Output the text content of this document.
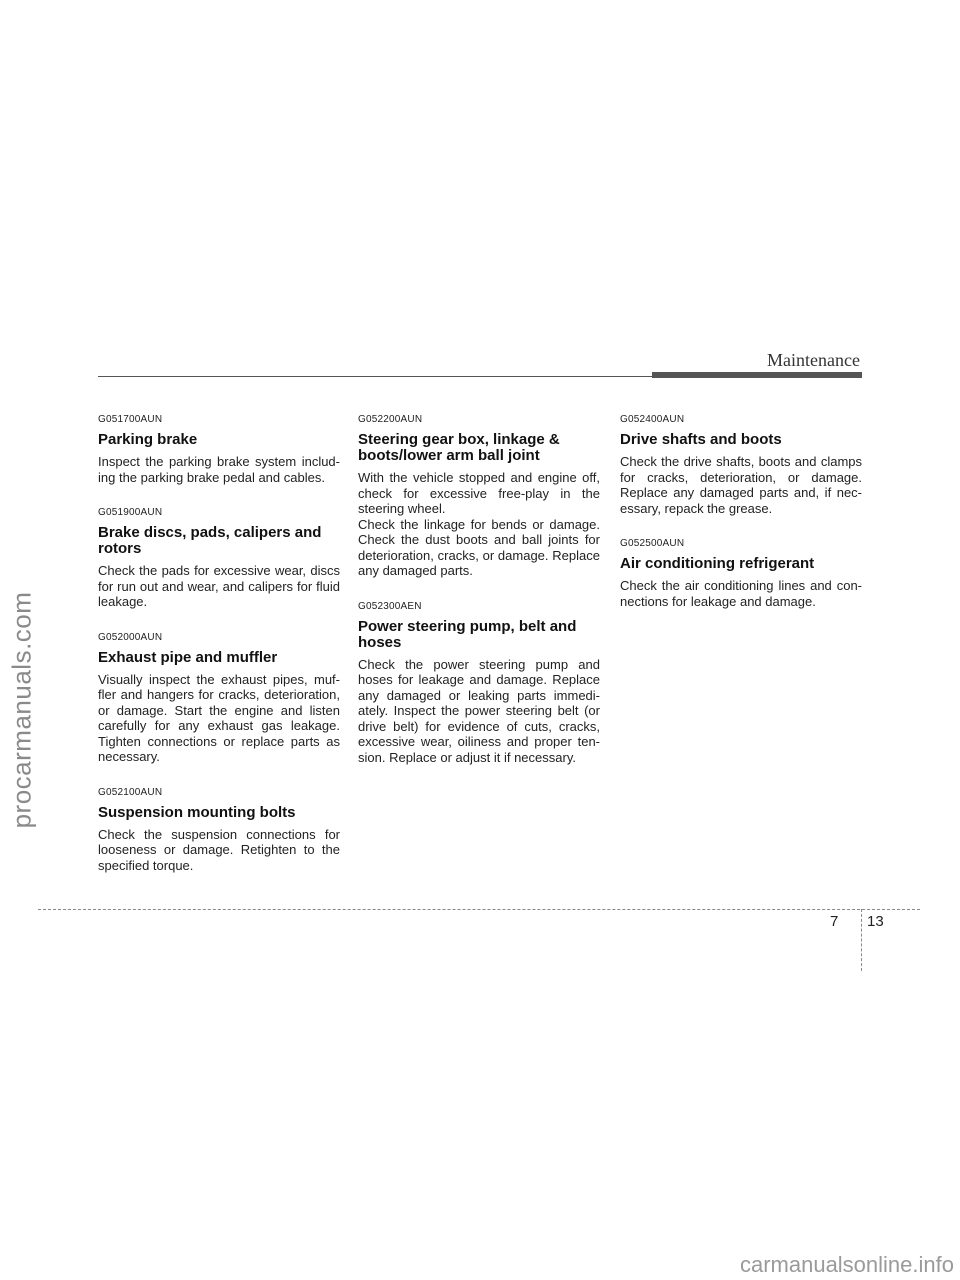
procarmanuals.com
Maintenance
G051700AUN
Parking brake

Inspect the parking brake system includ-ing the parking brake pedal and cables.

G051900AUN
Brake discs, pads, calipers and rotors

Check the pads for excessive wear, discs for run out and wear, and calipers for fluid leakage.

G052000AUN
Exhaust pipe and muffler

Visually inspect the exhaust pipes, muf-fler and hangers for cracks, deterioration, or damage. Start the engine and listen carefully for any exhaust gas leakage. Tighten connections or replace parts as necessary.

G052100AUN
Suspension mounting bolts

Check the suspension connections for looseness or damage. Retighten to the specified torque.

G052200AUN
Steering gear box, linkage & boots/lower arm ball joint

With the vehicle stopped and engine off, check for excessive free-play in the steering wheel.

Check the linkage for bends or damage. Check the dust boots and ball joints for deterioration, cracks, or damage. Replace any damaged parts.

G052300AEN
Power steering pump, belt and hoses

Check the power steering pump and hoses for leakage and damage. Replace any damaged or leaking parts immedi-ately. Inspect the power steering belt (or drive belt) for evidence of cuts, cracks, excessive wear, oiliness and proper ten-sion. Replace or adjust it if necessary.

G052400AUN
Drive shafts and boots

Check the drive shafts, boots and clamps for cracks, deterioration, or damage. Replace any damaged parts and, if nec-essary, repack the grease.

G052500AUN
Air conditioning refrigerant

Check the air conditioning lines and con-nections for leakage and damage.

7 13
carmanualsonline.info
